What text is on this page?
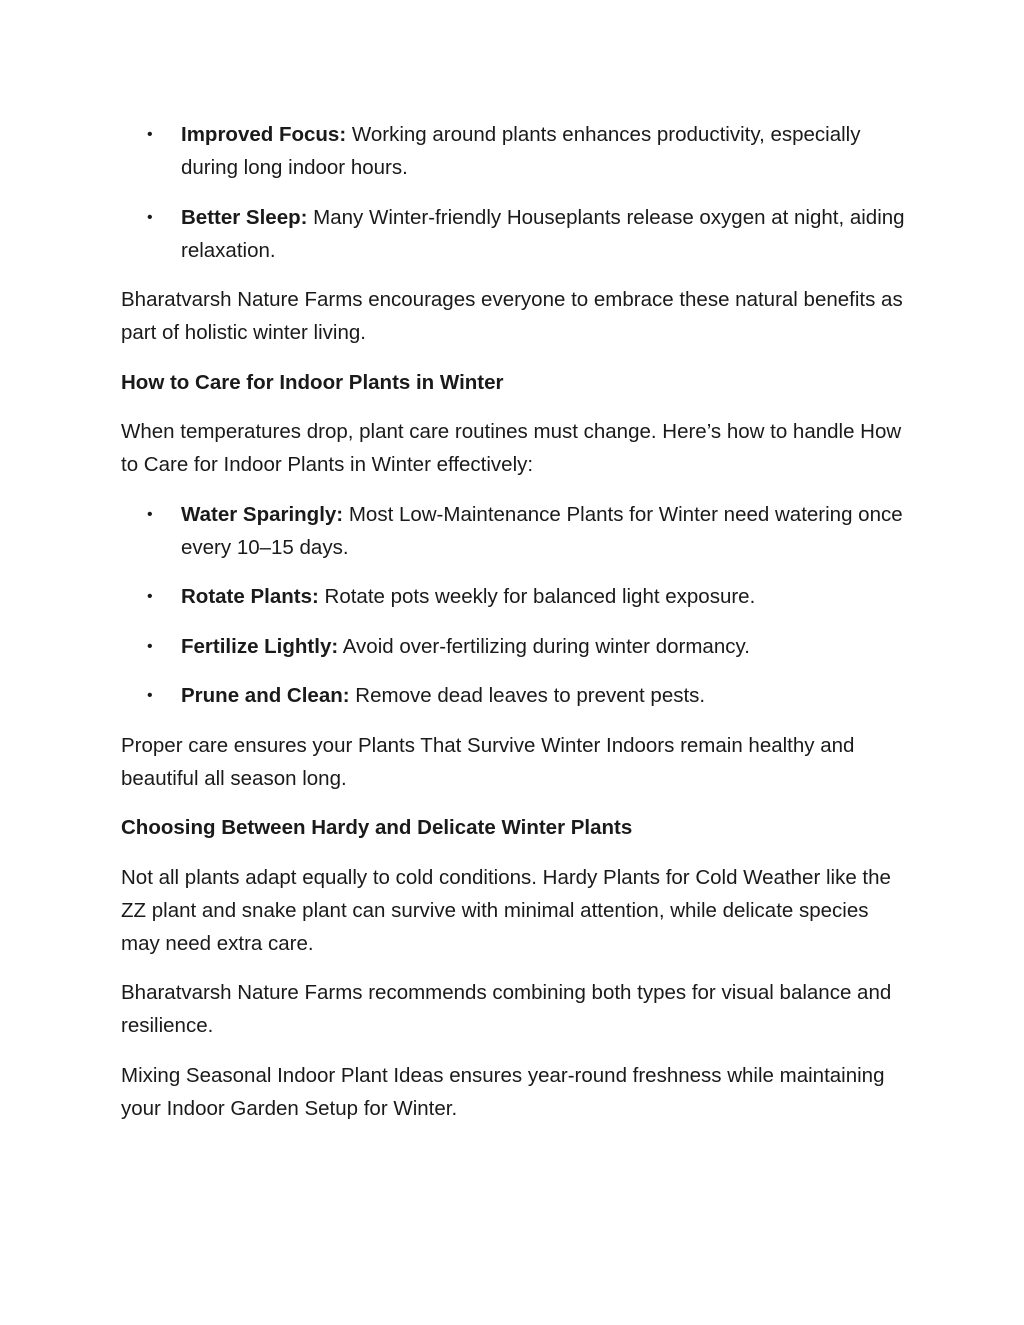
• Improved Focus: Working around plants enhances productivity, especially during long indoor hours.
• Better Sleep: Many Winter-friendly Houseplants release oxygen at night, aiding relaxation.

Bharatvarsh Nature Farms encourages everyone to embrace these natural benefits as part of holistic winter living.

How to Care for Indoor Plants in Winter

When temperatures drop, plant care routines must change. Here’s how to handle How to Care for Indoor Plants in Winter effectively:

• Water Sparingly: Most Low-Maintenance Plants for Winter need watering once every 10–15 days.
• Rotate Plants: Rotate pots weekly for balanced light exposure.
• Fertilize Lightly: Avoid over-fertilizing during winter dormancy.
• Prune and Clean: Remove dead leaves to prevent pests.

Proper care ensures your Plants That Survive Winter Indoors remain healthy and beautiful all season long.

Choosing Between Hardy and Delicate Winter Plants

Not all plants adapt equally to cold conditions. Hardy Plants for Cold Weather like the ZZ plant and snake plant can survive with minimal attention, while delicate species may need extra care.

Bharatvarsh Nature Farms recommends combining both types for visual balance and resilience.

Mixing Seasonal Indoor Plant Ideas ensures year-round freshness while maintaining your Indoor Garden Setup for Winter.
